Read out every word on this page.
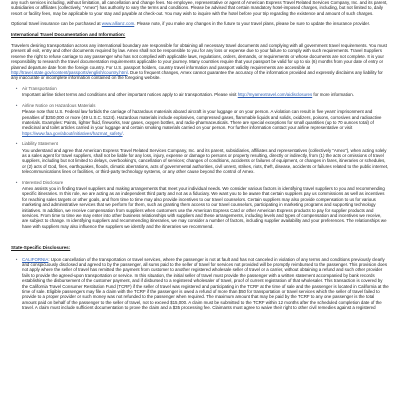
any such services including, without limitation, all cancellation and change fees. No employee, representative or agent of American Express Travel Related Services Company, Inc. and its parent, subsidiaries or affiliates (collectively, "Amex") has authority to vary the terms and conditions. Please be advised that certain mandatory hotel-imposed charges, including, but not limited to, daily resort or facility fees, may be applicable to your stay and payable at check-out. You may wish to inquire with the hotel before your trip regarding the existence and amount of such charges.

Optional travel insurance can be purchased at www.allianz.com. Please note, if you make any changes in the future to your travel plans, please be sure to update the insurance provider.

International Travel Documentation and Information:

Travelers desiring transportation across any international boundary are responsible for obtaining all necessary travel documents and complying with all government travel requirements. You must present all exit, entry and other documents required by law. Amex shall not be responsible to you for any loss or expense due to your failure to comply with such requirements. Travel Suppliers reserve the right to refuse carriage to any passenger who has not complied with applicable laws, regulations, orders, demands, or requirements or whose documents are not complete. It is your responsibility to research the travel documentation requirements applicable to your journey. Many countries require that your passport be valid for up to six (6) months from your date of entry or planned departure date from the foreign country. For U.S. passport holders, country travel information and passport validity requirements are accessible at http://travel.state.gov/content/passports/english/country.html. Due to frequent changes, Amex cannot guarantee the accuracy of the information provided and expressly disclaims any liability for any inaccurate or incomplete information contained on the foregoing website.

•	Air Transportation

Important airline ticket terms and conditions and other important notices apply to air transportation. Please visit http://myamextravel.com/aidisclosures for more information.

•	Airline Notice on Hazardous Materials

Please note that U.S. Federal law forbids the carriage of hazardous materials aboard aircraft in your luggage or on your person. A violation can result in five years' imprisonment and penalties of $250,000 or more (49 U.S.C. 5124). Hazardous materials include explosives, compressed gases, flammable liquids and solids, oxidizers, poisons, corrosives and radioactive materials. Examples: Paints, lighter fluid, fireworks, tear gases, oxygen bottles, and radio-pharmaceuticals. There are special exceptions for small quantities (up to 70 ounces total) of medicinal and toilet articles carried in your luggage and certain smoking materials carried on your person. For further information contact your airline representative or visit https://www.faa.gov/about/initiatives/hazmat_safety/.

•	Liability Statement

You understand and agree that American Express Travel Related Services Company, Inc. and its parent, subsidiaries, affiliates and representatives (collectively "Amex"), when acting solely as a sales agent for travel suppliers, shall not be liable for any loss, injury, expense or damage to persons or property resulting, directly or indirectly, from (1) the acts or omissions of travel suppliers, including but not limited to delays, overbooking's, cancellation of services; changes of conditions, accidents or failures of equipment, or changes in fares, itineraries or schedules, or (2) acts of God, fires, earthquakes, floods, climatic aberrations, acts of governmental authorities, civil unrest, strikes, riots, theft, disease, accidents or failures related to the public internet, telecommunications lines or facilities, or third-party technology systems, or any other cause beyond the control of Amex.

•	Interested Disclosure

Amex assists you in finding travel suppliers and making arrangements that meet your individual needs. We consider various factors in identifying travel suppliers to you and recommending specific itineraries. In this role, we are acting as an independent third party and not as a fiduciary. We want you to be aware that certain suppliers pay us commissions as well as incentives for reaching sales targets or other goals, and from time to time may also provide incentives to our travel counselors. Certain suppliers may also provide compensation to us for various marketing and administrative services that we perform for them, such as granting them access to our travel counselors, participating in marketing programs and supporting technology initiatives. In addition, we receive compensation from suppliers when customers use the American Express Card or other American Express products to pay for supplier products and services. From time to time we may enter into other business relationships with suppliers and these arrangements, including levels and types of compensation and incentives we receive, are subject to change. In identifying suppliers and recommending itineraries, we may consider a number of factors, including supplier availability and your preferences. The relationships we have with suppliers may also influence the suppliers we identify and the itineraries we recommend.

State-Specific Disclosures:

•	CALIFORNIA: Upon cancellation of the transportation or travel services, where the passenger is not at fault and has not canceled in violation of any terms and conditions previously clearly and conspicuously disclosed and agreed to by the passenger, all sums paid to the seller of travel for services not provided will be promptly reimbursed to the passenger. This provision does not apply where the seller of travel has remitted the payment from customer to another registered wholesale seller of travel or a carrier, without obtaining a refund and such other provider fails to provide the agreed-upon transportation or service. In this situation, the initial seller of travel must provide the passenger with a written statement accompanied by bank records establishing the disbursement of the customer payment, and if disbursed to a registered wholesaler of travel, proof of current registration of that wholesaler. This transaction is covered by the California Travel Consumer Restitution Fund (TCRF) if the seller of travel was registered and participating in the TCRF at the time of sale and the passenger is located in California at the time of sale. Eligible passengers may file a claim with the TCRF if the passenger is owed a refund of more than $50 for transportation or travel services which the seller of travel failed to provide to a proper provider or such money was not refunded to the passenger when required. The maximum amount that may be paid by the TCRF to any one passenger is the total amount paid on behalf of the passenger to the seller of travel, not to exceed $15,000. A claim must be submitted to the TCRF within 12 months after the scheduled completion date of the travel. A claim must include sufficient documentation to prove the claim and a $35 processing fee. Claimants must agree to waive their right to other civil remedies against a registered
